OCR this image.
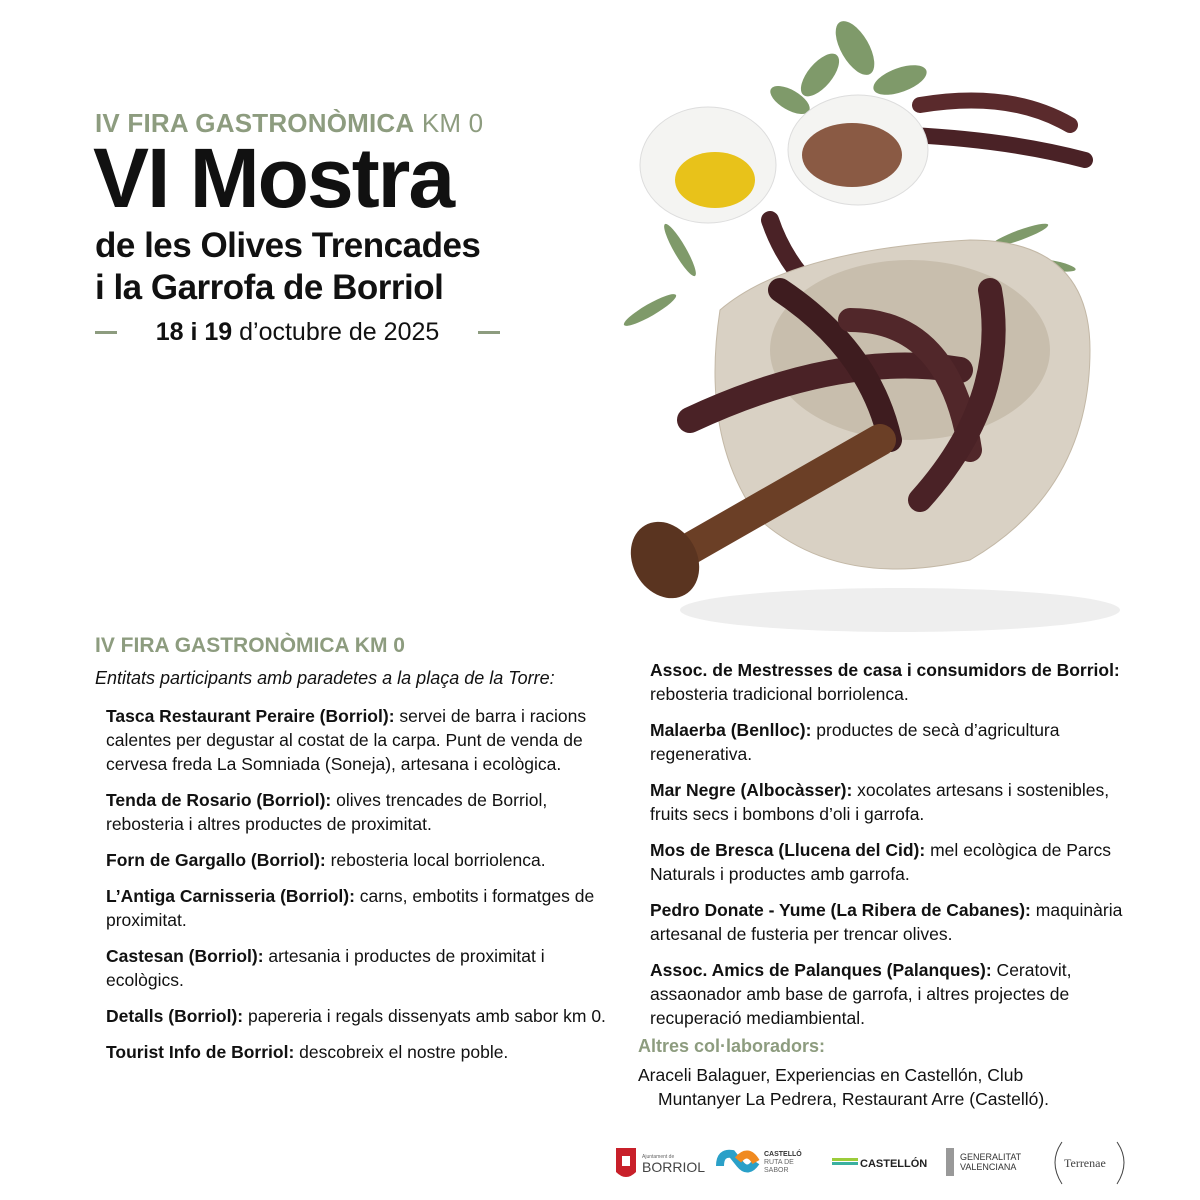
IV FIRA GASTRONÒMICA KM 0
VI Mostra
de les Olives Trencades
i la Garrofa de Borriol
18 i 19 d’octubre de 2025
IV FIRA GASTRONÒMICA KM 0
Entitats participants amb paradetes a la plaça de la Torre:

Tasca Restaurant Peraire (Borriol): servei de barra i racions calentes per degustar al costat de la carpa. Punt de venda de cervesa freda La Somniada (Soneja), artesana i ecològica.

Tenda de Rosario (Borriol): olives trencades de Borriol, rebosteria i altres productes de proximitat.

Forn de Gargallo (Borriol): rebosteria local borriolenca.

L’Antiga Carnisseria (Borriol): carns, embotits i formatges de proximitat.

Castesan (Borriol): artesania i productes de proximitat i ecològics.

Detalls (Borriol): papereria i regals dissenyats amb sabor km 0.

Tourist Info de Borriol: descobreix el nostre poble.

Assoc. de Mestresses de casa i consumidors de Borriol: rebosteria tradicional borriolenca.

Malaerba (Benlloc): productes de secà d’agricultura regenerativa.

Mar Negre (Albocàsser): xocolates artesans i sostenibles, fruits secs i bombons d’oli i garrofa.

Mos de Bresca (Llucena del Cid): mel ecològica de Parcs Naturals i productes amb garrofa.

Pedro Donate - Yume (La Ribera de Cabanes): maquinària artesanal de fusteria per trencar olives.

Assoc. Amics de Palanques (Palanques): Ceratovit, assaonador amb base de garrofa, i altres projectes de recuperació mediambiental.

Altres col·laboradors:
Araceli Balaguer, Experiencias en Castellón, Club
Muntanyer La Pedrera, Restaurant Arre (Castelló).
Ajuntament de
BORRIOL
CASTELLÓ
RUTA DE
SABOR
CASTELLÓN
GENERALITAT
VALENCIANA	Terrenae
